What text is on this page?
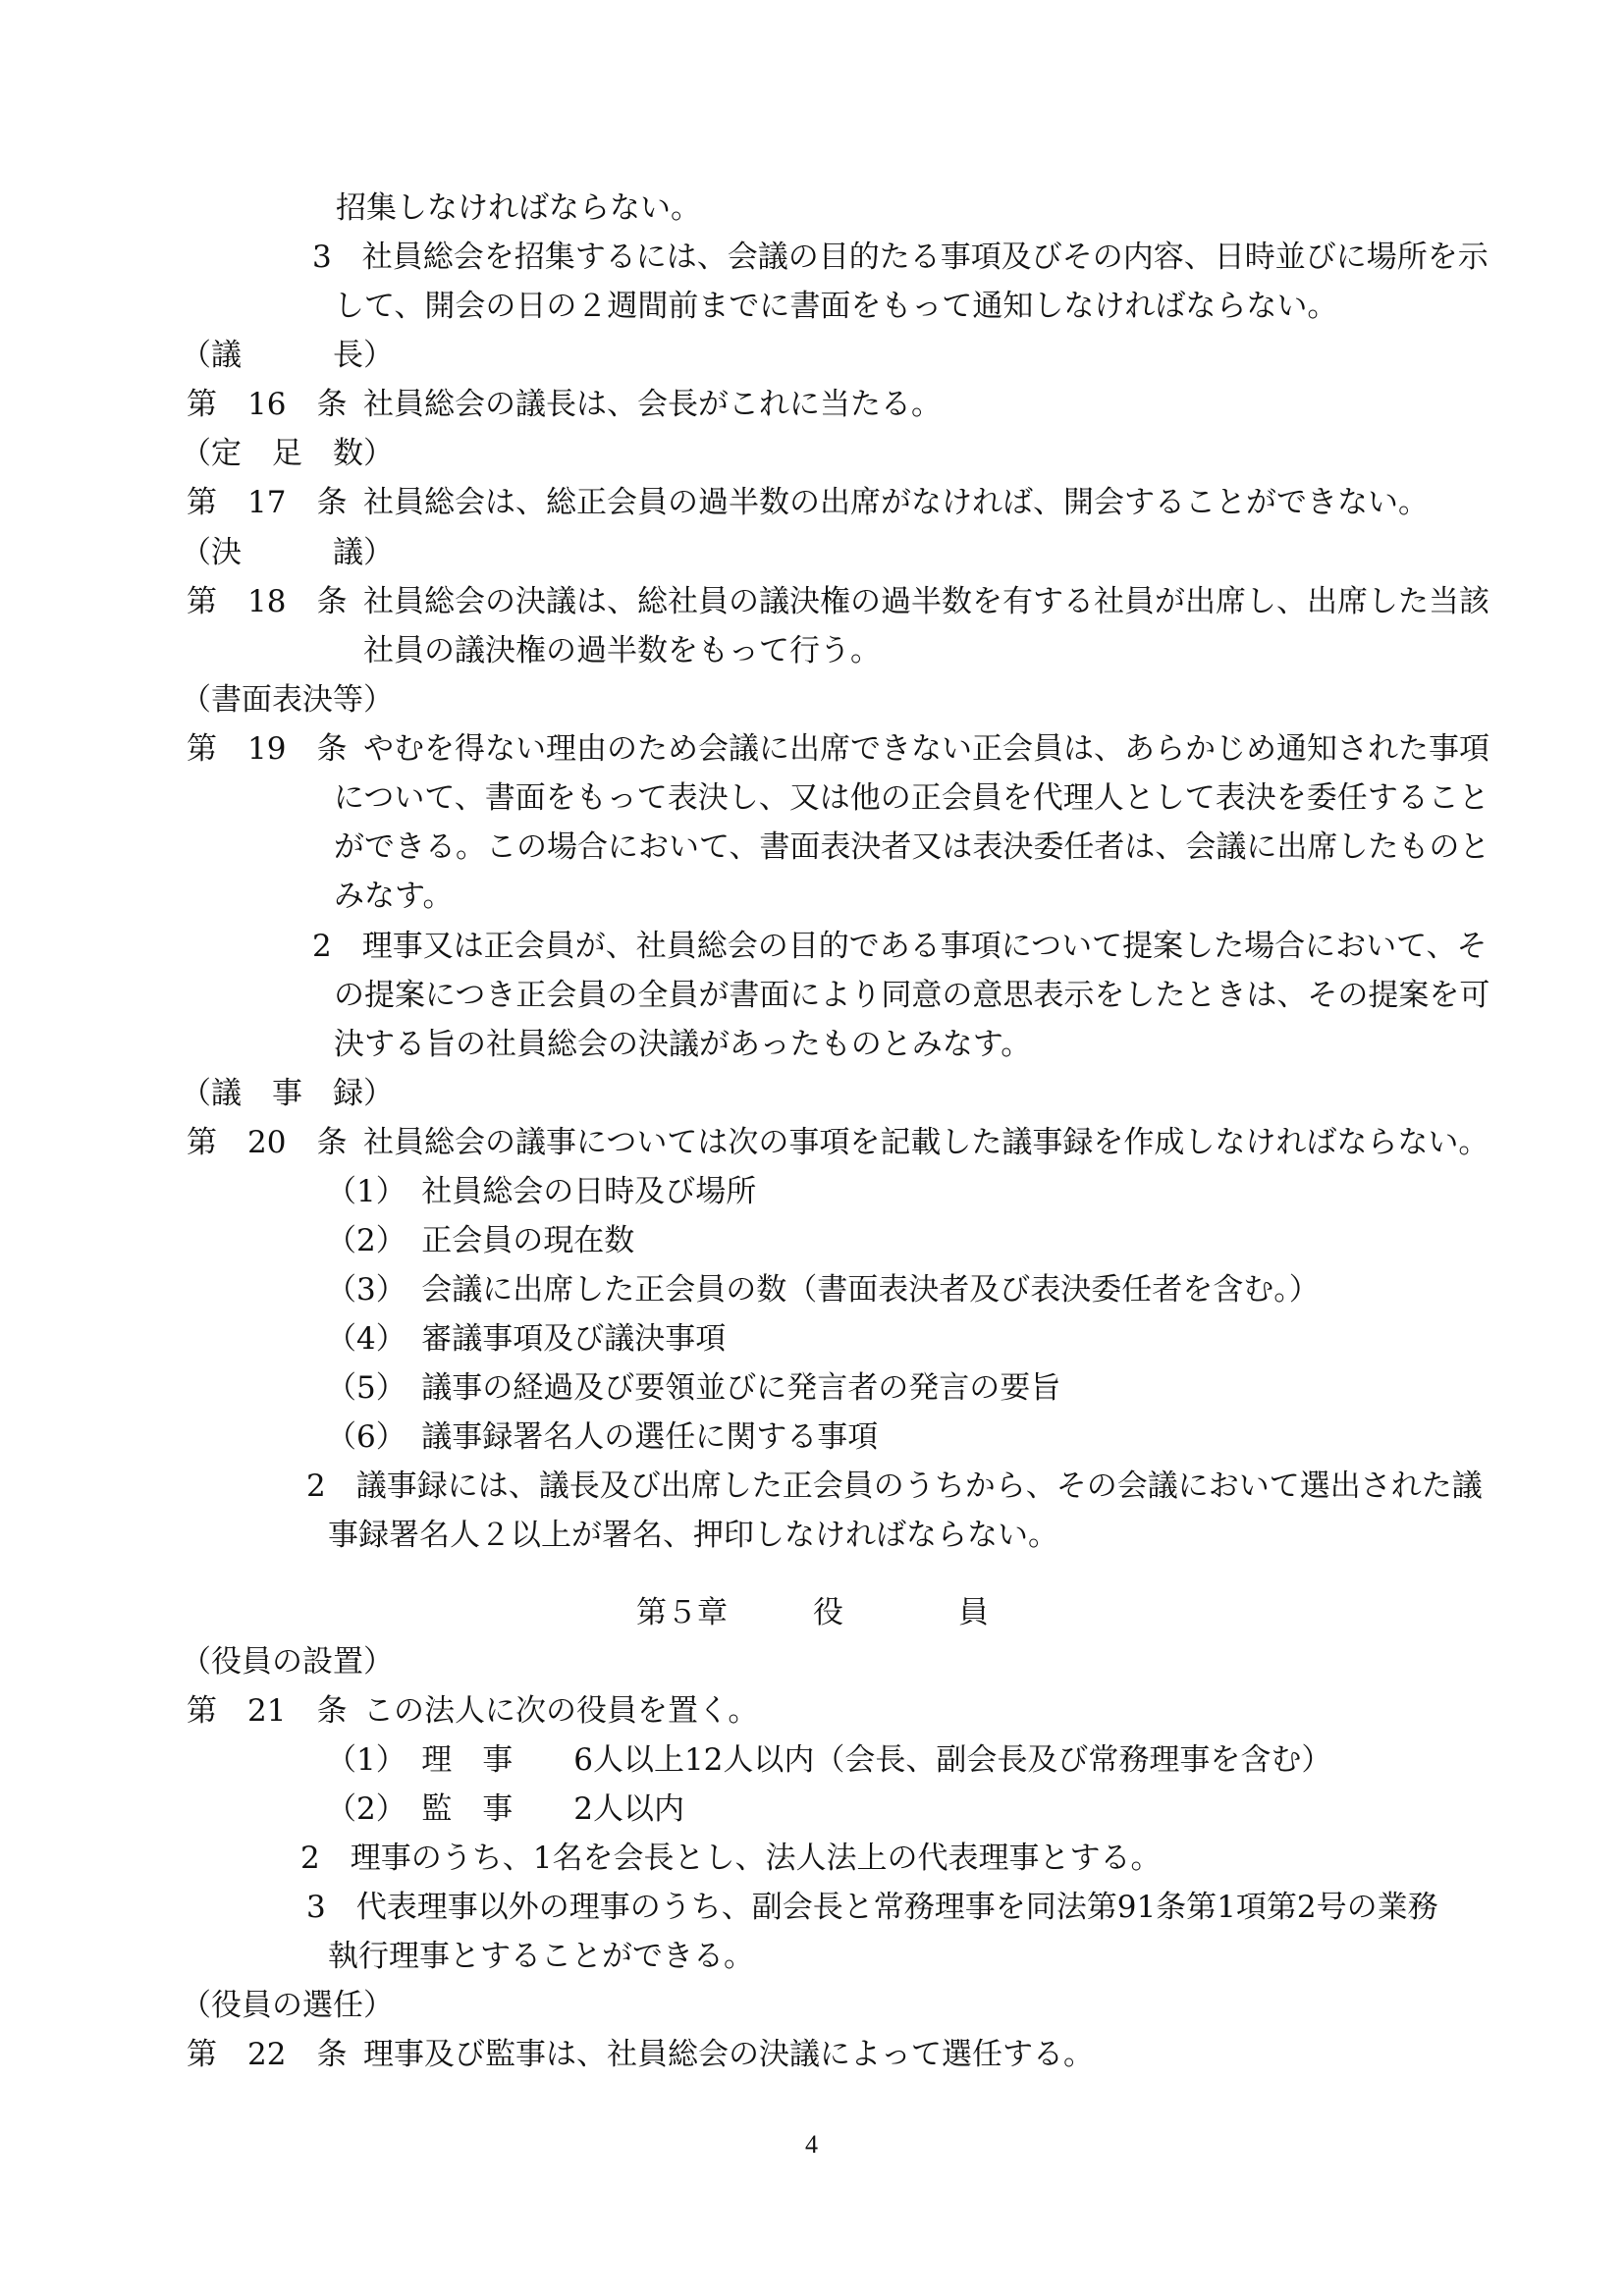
招集しなければならない。
3　社員総会を招集するには、会議の目的たる事項及びその内容、日時並びに場所を示
して、開会の日の２週間前までに書面をもって通知しなければならない。
（議　　　長）
第　16　条 社員総会の議長は、会長がこれに当たる。
（定　足　数）
第　17　条 社員総会は、総正会員の過半数の出席がなければ、開会することができない。
（決　　　議）
第　18　条 社員総会の決議は、総社員の議決権の過半数を有する社員が出席し、出席した当該
社員の議決権の過半数をもって行う。
（書面表決等）
第　19　条 やむを得ない理由のため会議に出席できない正会員は、あらかじめ通知された事項
について、書面をもって表決し、又は他の正会員を代理人として表決を委任すること
ができる。この場合において、書面表決者又は表決委任者は、会議に出席したものと
みなす。
2　理事又は正会員が、社員総会の目的である事項について提案した場合において、そ
の提案につき正会員の全員が書面により同意の意思表示をしたときは、その提案を可
決する旨の社員総会の決議があったものとみなす。
（議　事　録）
第　20　条 社員総会の議事については次の事項を記載した議事録を作成しなければならない。
（1）　社員総会の日時及び場所
（2）　正会員の現在数
（3）　会議に出席した正会員の数（書面表決者及び表決委任者を含む。）
（4）　審議事項及び議決事項
（5）　議事の経過及び要領並びに発言者の発言の要旨
（6）　議事録署名人の選任に関する事項
2　議事録には、議長及び出席した正会員のうちから、その会議において選出された議
事録署名人２以上が署名、押印しなければならない。
第５章	役	員
（役員の設置）
第　21　条 この法人に次の役員を置く。
（1）　理　事　　6人以上12人以内（会長、副会長及び常務理事を含む）
（2）　監　事　　2人以内
2　理事のうち、1名を会長とし、法人法上の代表理事とする。
3　代表理事以外の理事のうち、副会長と常務理事を同法第91条第1項第2号の業務
執行理事とすることができる。
（役員の選任）
第　22　条 理事及び監事は、社員総会の決議によって選任する。
4
